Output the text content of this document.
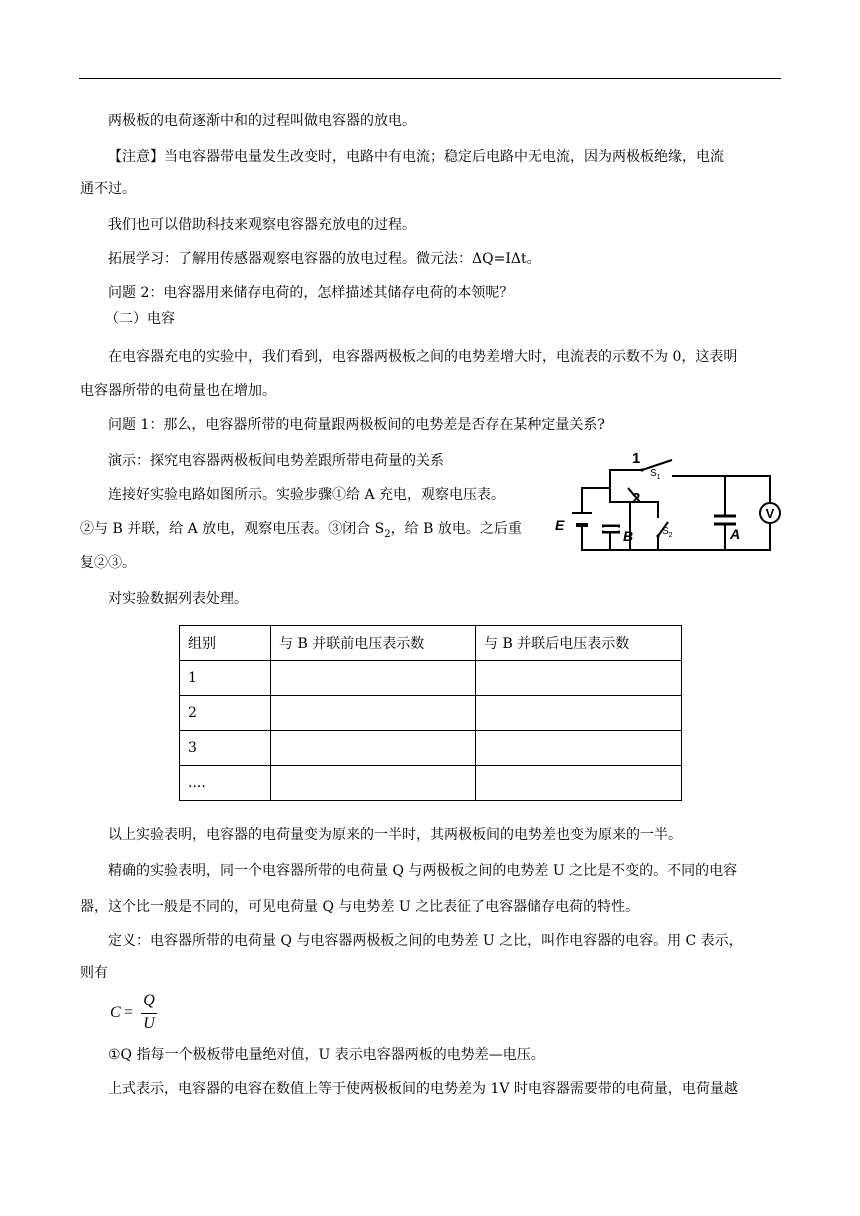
两极板的电荷逐渐中和的过程叫做电容器的放电。
【注意】当电容器带电量发生改变时，电路中有电流；稳定后电路中无电流，因为两极板绝缘，电流
通不过。
我们也可以借助科技来观察电容器充放电的过程。
拓展学习：了解用传感器观察电容器的放电过程。微元法：ΔQ=IΔt。
问题 2：电容器用来储存电荷的，怎样描述其储存电荷的本领呢？
（二）电容
在电容器充电的实验中，我们看到，电容器两极板之间的电势差增大时，电流表的示数不为 0，这表明
电容器所带的电荷量也在增加。
问题 1：那么，电容器所带的电荷量跟两极板间的电势差是否存在某种定量关系?
演示：探究电容器两极板间电势差跟所带电荷量的关系
连接好实验电路如图所示。实验步骤①给 A 充电，观察电压表。
②与 B 并联，给 A 放电，观察电压表。③闭合 $S_2$，给 B 放电。之后重
复②③。
对实验数据列表处理。
V
1
2
$S_1$
$S_2$
E
B	A
组别	与 B 并联前电压表示数	与 B 并联后电压表示数
1		
2		
3		
....		
以上实验表明，电容器的电荷量变为原来的一半时，其两极板间的电势差也变为原来的一半。
精确的实验表明，同一个电容器所带的电荷量 Q 与两极板之间的电势差 U 之比是不变的。不同的电容
器，这个比一般是不同的，可见电荷量 Q 与电势差 U 之比表征了电容器储存电荷的特性。
定义：电容器所带的电荷量 Q 与电容器两极板之间的电势差 U 之比，叫作电容器的电容。用 C 表示，
则有
C =
Q
U
①Q 指每一个极板带电量绝对值，U 表示电容器两板的电势差—电压。
上式表示，电容器的电容在数值上等于使两极板间的电势差为 1V 时电容器需要带的电荷量，电荷量越
